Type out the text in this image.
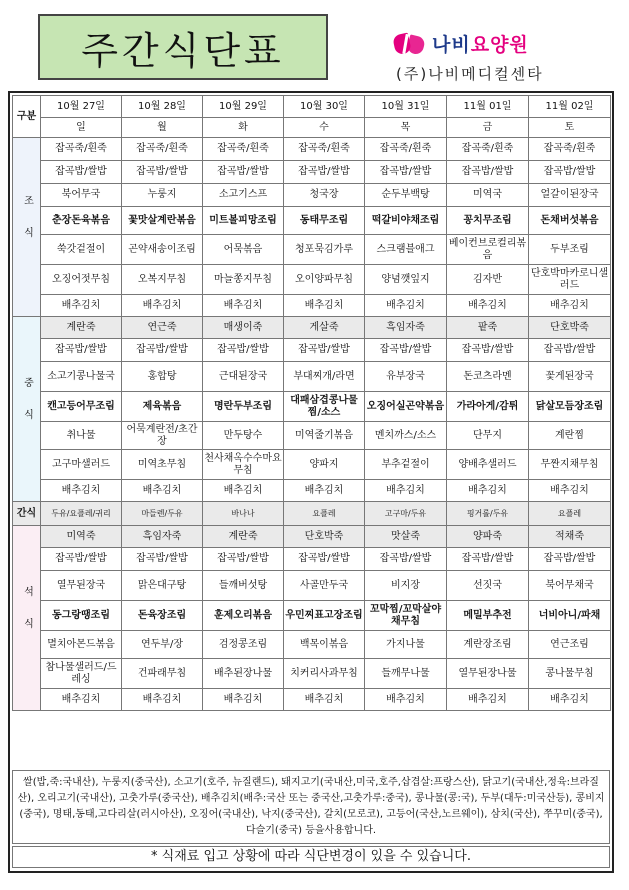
주간식단표	나비요양원
(주)나비메디컬센타
구분	10월 27일	10월 28일	10월 29일	10월 30일	10월 31일	11월 01일	11월 02일
	일	월	화	수	목	금	토
조식	잡곡죽/흰죽	잡곡죽/흰죽	잡곡죽/흰죽	잡곡죽/흰죽	잡곡죽/흰죽	잡곡죽/흰죽	잡곡죽/흰죽
	잡곡밥/쌀밥	잡곡밥/쌀밥	잡곡밥/쌀밥	잡곡밥/쌀밥	잡곡밥/쌀밥	잡곡밥/쌀밥	잡곡밥/쌀밥
	북어무국	누룽지	소고기스프	청국장	순두부백탕	미역국	얼갈이된장국
	춘장돈육볶음	꽃맛살계란볶음	미트볼피망조림	동태무조림	떡갈비야채조림	꽁치무조림	돈채버섯볶음
	쑥갓겉절이	곤약새송이조림	어묵볶음	청포묵김가루	스크램블애그	베이컨브로컬리볶음	두부조림
	오징어젓무침	오복지무침	마늘쫑지무침	오이양파무침	양념깻잎지	김자반	단호박마카로니샐러드
	배추김치	배추김치	배추김치	배추김치	배추김치	배추김치	배추김치
중식	계란죽	연근죽	매생이죽	게살죽	흑임자죽	팥죽	단호박죽
	잡곡밥/쌀밥	잡곡밥/쌀밥	잡곡밥/쌀밥	잡곡밥/쌀밥	잡곡밥/쌀밥	잡곡밥/쌀밥	잡곡밥/쌀밥
	소고기콩나물국	홍합탕	근대된장국	부대찌개/라면	유부장국	돈코츠라멘	꽃게된장국
	캔고등어무조림	제육볶음	명란두부조림	대패삼겹콩나물찜/소스	오징어실곤약볶음	가라아게/감튀	닭살모듬장조림
	취나물	어묵계란전/초간장	만두탕수	미역줄기볶음	멘치까스/소스	단무지	계란찜
	고구마샐러드	미역초무침	천사채옥수수마요무침	양파지	부추겉절이	양배추샐러드	무짠지채무침
	배추김치	배추김치	배추김치	배추김치	배추김치	배추김치	배추김치
간식	두유/요플레/귀리	마들렌/두유	바나나	요플레	고구마/두유	핑거롤/두유	요플레
석식	미역죽	흑임자죽	계란죽	단호박죽	맛살죽	양파죽	적채죽
	잡곡밥/쌀밥	잡곡밥/쌀밥	잡곡밥/쌀밥	잡곡밥/쌀밥	잡곡밥/쌀밥	잡곡밥/쌀밥	잡곡밥/쌀밥
	열무된장국	맑은대구탕	들깨버섯탕	사골만두국	비지장	선짓국	북어무채국
	동그랑땡조림	돈육장조림	훈제오리볶음	우민찌표고장조림	꼬막찜/꼬막살야채무침	메밀부추전	너비아니/파채
	멸치아몬드볶음	연두부/장	검정콩조림	백목이볶음	가지나물	계란장조림	연근조림
	참나물샐러드/드레싱	건파래무침	배추된장나물	치커리사과무침	들깨무나물	열무된장나물	콩나물무침
	배추김치	배추김치	배추김치	배추김치	배추김치	배추김치	배추김치
쌀(밥,죽:국내산), 누룽지(중국산), 소고기(호주, 뉴질랜드), 돼지고기(국내산,미국,호주,삽겹살:프랑스산), 닭고기(국내산,정육:브라질산), 오리고기(국내산), 고춧가루(중국산), 배추김치(배추:국산 또는 중국산,고춧가루:중국), 콩나물(콩:국), 두부(대두:미국산등), 콩비지(중국), 명태,동태,고다리살(러시아산), 오징어(국내산), 낙지(중국산), 갈치(모로코), 고등어(국산,노르웨이), 삼치(국산), 쭈꾸미(중국), 다슬기(중국) 등을사용합니다.
* 식재료 입고 상황에 따라 식단변경이 있을 수 있습니다.
